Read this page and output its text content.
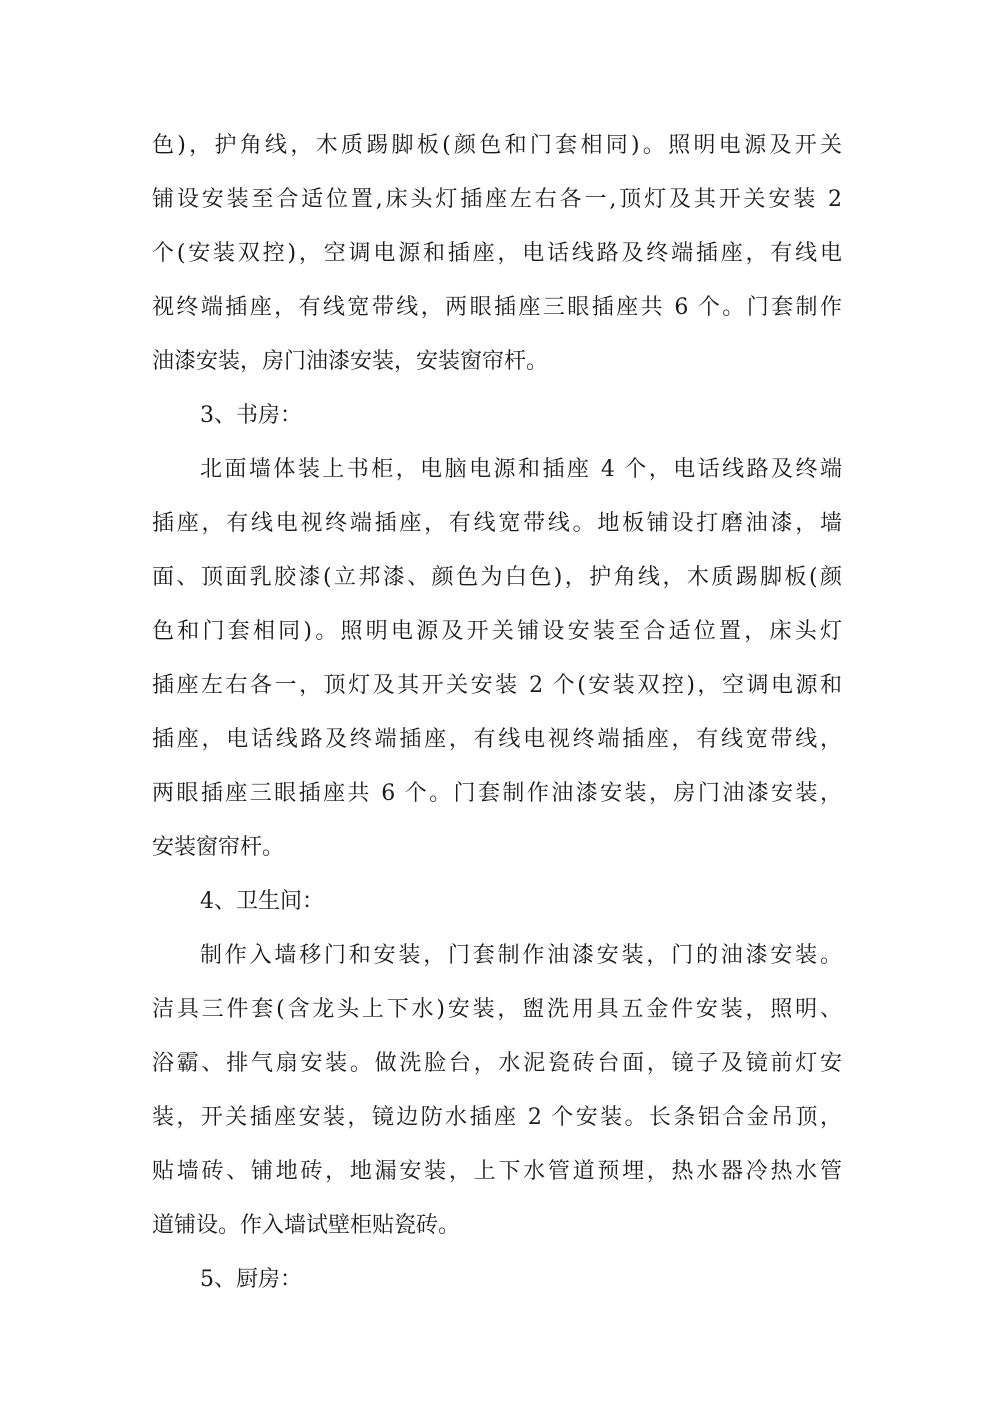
色)，护角线，木质踢脚板(颜色和门套相同)。照明电源及开关
铺设安装至合适位置,床头灯插座左右各一,顶灯及其开关安装 2
个(安装双控)，空调电源和插座，电话线路及终端插座，有线电
视终端插座，有线宽带线，两眼插座三眼插座共 6 个。门套制作
油漆安装，房门油漆安装，安装窗帘杆。
3、书房：
北面墙体装上书柜，电脑电源和插座 4 个，电话线路及终端
插座，有线电视终端插座，有线宽带线。地板铺设打磨油漆，墙
面、顶面乳胶漆(立邦漆、颜色为白色)，护角线，木质踢脚板(颜
色和门套相同)。照明电源及开关铺设安装至合适位置，床头灯
插座左右各一，顶灯及其开关安装 2 个(安装双控)，空调电源和
插座，电话线路及终端插座，有线电视终端插座，有线宽带线，
两眼插座三眼插座共 6 个。门套制作油漆安装，房门油漆安装，
安装窗帘杆。
4、卫生间：
制作入墙移门和安装，门套制作油漆安装，门的油漆安装。
洁具三件套(含龙头上下水)安装，盥洗用具五金件安装，照明、
浴霸、排气扇安装。做洗脸台，水泥瓷砖台面，镜子及镜前灯安
装，开关插座安装，镜边防水插座 2 个安装。长条铝合金吊顶，
贴墙砖、铺地砖，地漏安装，上下水管道预埋，热水器冷热水管
道铺设。作入墙试壁柜贴瓷砖。
5、厨房：
